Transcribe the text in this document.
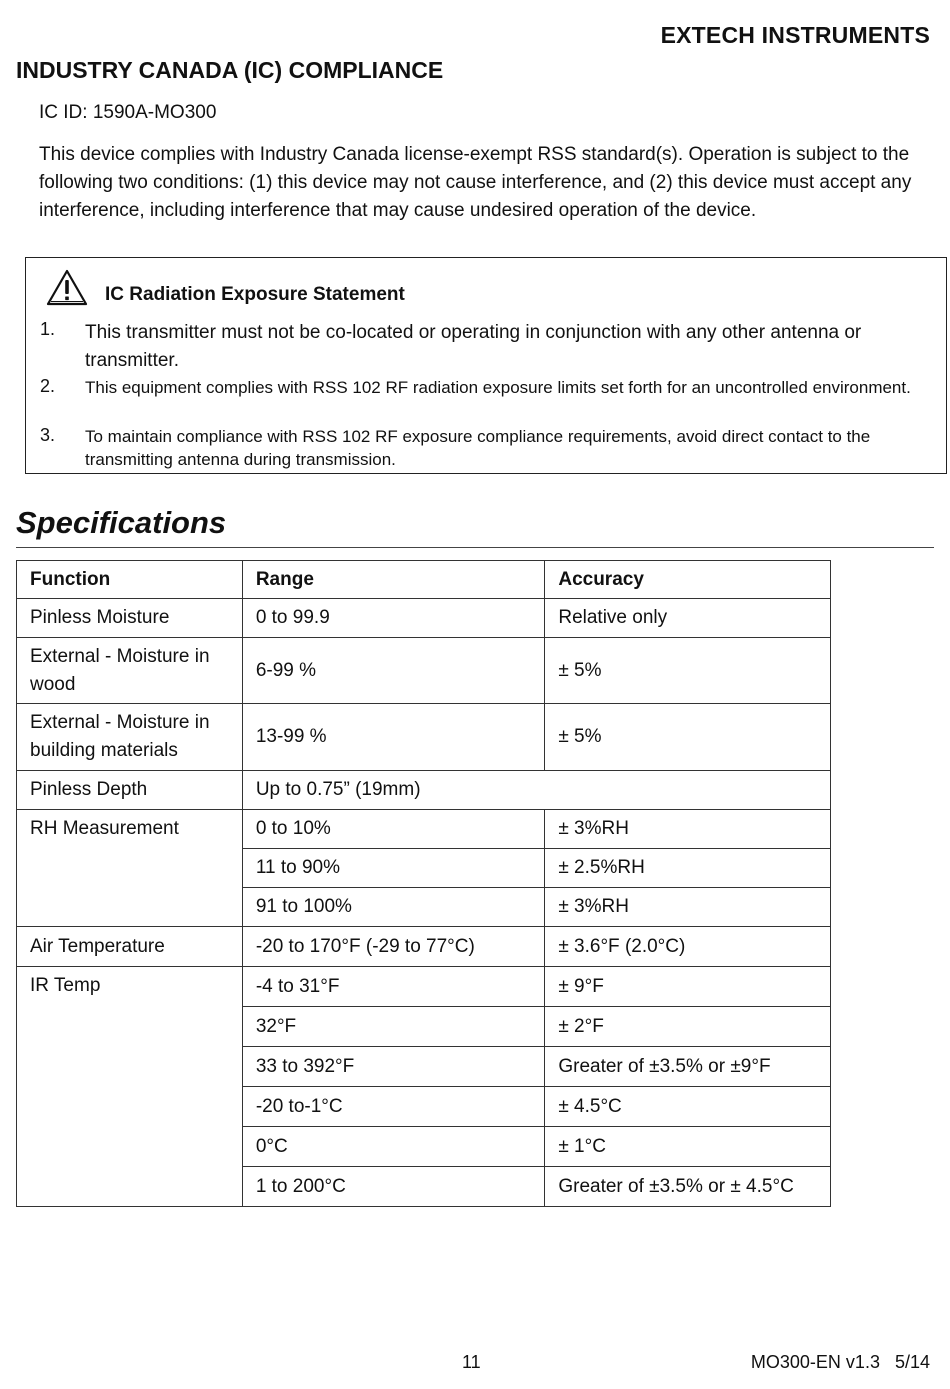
EXTECH INSTRUMENTS
INDUSTRY CANADA (IC) COMPLIANCE
IC ID: 1590A-MO300
This device complies with Industry Canada license-exempt RSS standard(s). Operation is subject to the following two conditions: (1) this device may not cause interference, and (2) this device must accept any interference, including interference that may cause undesired operation of the device.
IC Radiation Exposure Statement
1. This transmitter must not be co-located or operating in conjunction with any other antenna or transmitter.
2. This equipment complies with RSS 102 RF radiation exposure limits set forth for an uncontrolled environment.
3. To maintain compliance with RSS 102 RF exposure compliance requirements, avoid direct contact to the transmitting antenna during transmission.
Specifications
Function	Range	Accuracy
Pinless Moisture	0 to 99.9	Relative only
External - Moisture in wood	6-99 %	± 5%
External - Moisture in building materials	13-99 %	± 5%
Pinless Depth	Up to 0.75” (19mm)	
RH Measurement	0 to 10%	± 3%RH
	11 to 90%	± 2.5%RH
	91 to 100%	± 3%RH
Air Temperature	-20 to 170°F (-29 to 77°C)	± 3.6°F (2.0°C)
IR Temp	-4 to 31°F	± 9°F
	32°F	± 2°F
	33 to 392°F	Greater of ±3.5% or ±9°F
	-20 to-1°C	± 4.5°C
	0°C	± 1°C
	1 to 200°C	Greater of ±3.5% or ± 4.5°C
11	MO300-EN v1.3   5/14
